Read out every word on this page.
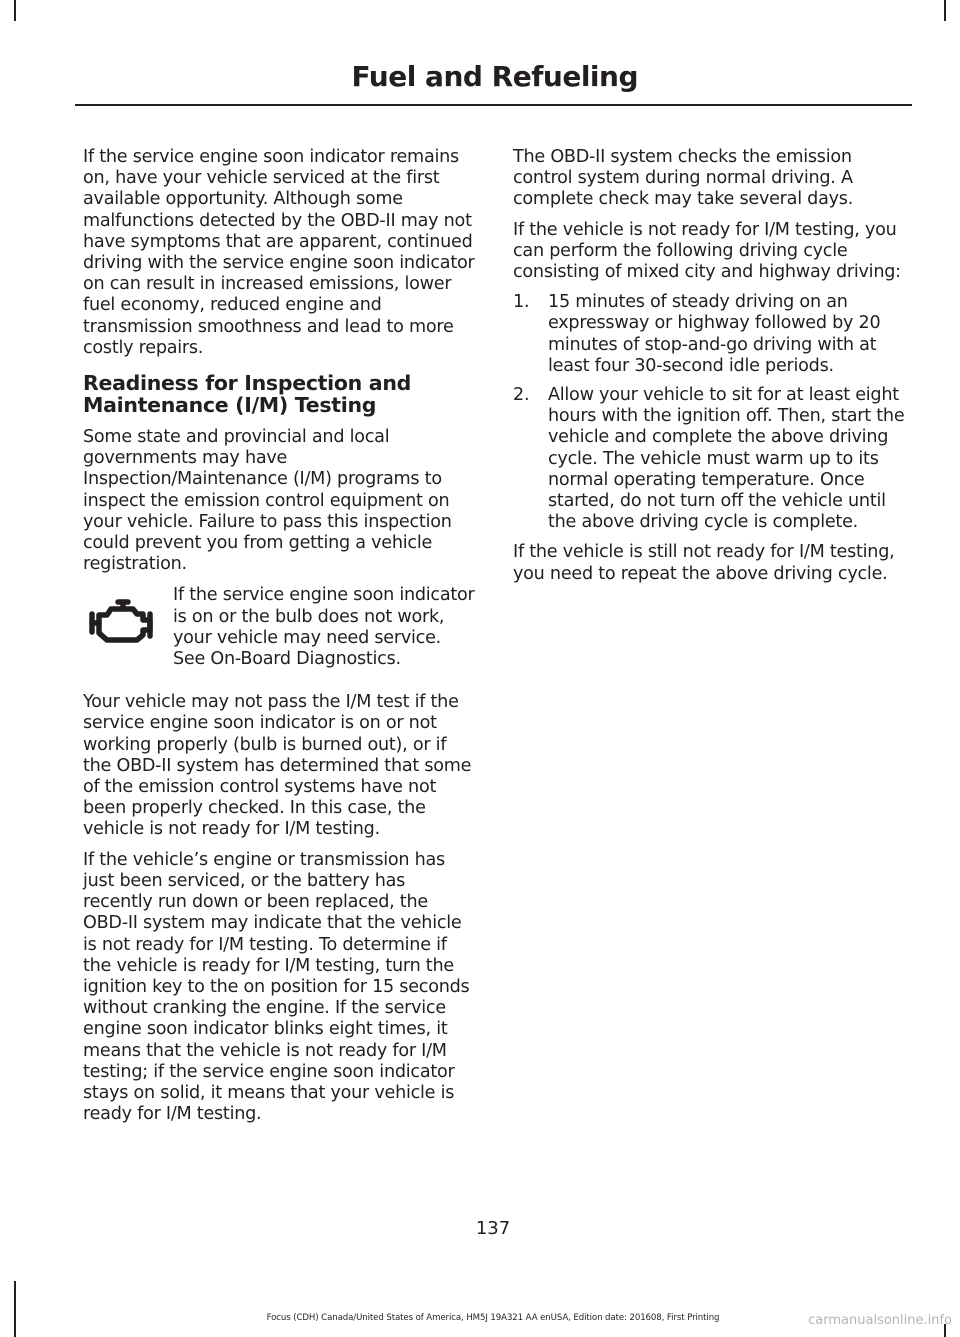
Fuel and Refueling

If the service engine soon indicator remains on, have your vehicle serviced at the first available opportunity. Although some malfunctions detected by the OBD-II may not have symptoms that are apparent, continued driving with the service engine soon indicator on can result in increased emissions, lower fuel economy, reduced engine and transmission smoothness and lead to more costly repairs.

Readiness for Inspection and Maintenance (I/M) Testing

Some state and provincial and local governments may have Inspection/Maintenance (I/M) programs to inspect the emission control equipment on your vehicle. Failure to pass this inspection could prevent you from getting a vehicle registration.

If the service engine soon indicator is on or the bulb does not work, your vehicle may need service. See On-Board Diagnostics.

Your vehicle may not pass the I/M test if the service engine soon indicator is on or not working properly (bulb is burned out), or if the OBD-II system has determined that some of the emission control systems have not been properly checked. In this case, the vehicle is not ready for I/M testing.

If the vehicle’s engine or transmission has just been serviced, or the battery has recently run down or been replaced, the OBD-II system may indicate that the vehicle is not ready for I/M testing. To determine if the vehicle is ready for I/M testing, turn the ignition key to the on position for 15 seconds without cranking the engine. If the service engine soon indicator blinks eight times, it means that the vehicle is not ready for I/M testing; if the service engine soon indicator stays on solid, it means that your vehicle is ready for I/M testing.

The OBD-II system checks the emission control system during normal driving. A complete check may take several days.

If the vehicle is not ready for I/M testing, you can perform the following driving cycle consisting of mixed city and highway driving:

1. 15 minutes of steady driving on an expressway or highway followed by 20 minutes of stop-and-go driving with at least four 30-second idle periods.
2. Allow your vehicle to sit for at least eight hours with the ignition off. Then, start the vehicle and complete the above driving cycle. The vehicle must warm up to its normal operating temperature. Once started, do not turn off the vehicle until the above driving cycle is complete.

If the vehicle is still not ready for I/M testing, you need to repeat the above driving cycle.

137
Focus (CDH) Canada/United States of America, HM5J 19A321 AA enUSA, Edition date: 201608, First Printing	carmanualsonline.info
